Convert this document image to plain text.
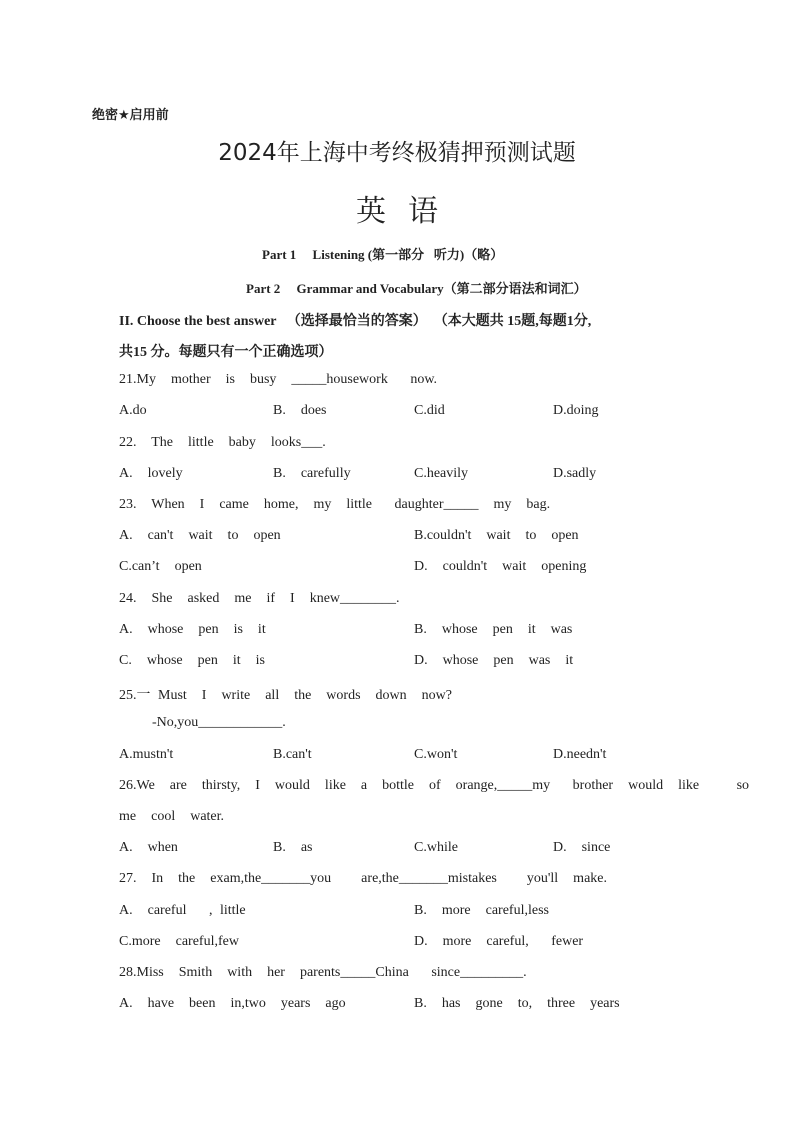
绝密★启用前
2024年上海中考终极猜押预测试题
英语
Part 1     Listening (第一部分   听力)（略）
Part 2     Grammar and Vocabulary（第二部分语法和词汇）
II. Choose the best answer   （选择最恰当的答案）  （本大题共 15题,每题1分,
共15 分。每题只有一个正确选项）
21.My  mother  is  busy  _____housework   now.
A.do	B.  does	C.did	D.doing
22.  The  little  baby  looks___.
A.  lovely	B.  carefully	C.heavily	D.sadly
23.  When  I  came  home,  my  little   daughter_____  my  bag.
A.  can't  wait  to  open	B.couldn't  wait  to  open
C.can’t  open	D.  couldn't  wait  opening
24.  She  asked  me  if  I  knew________.
A.  whose  pen  is  it	B.  whose  pen  it  was
C.  whose  pen  it  is	D.  whose  pen  was  it
25.一 Must  I  write  all  the  words  down  now?
-No,you____________.
A.mustn't	B.can't	C.won't	D.needn't
26.We  are  thirsty,  I  would  like  a  bottle  of  orange,_____my   brother  would  like     so
me  cool  water.
A.  when	B.  as	C.while	D.  since
27.  In  the  exam,the_______you    are,the_______mistakes    you'll  make.
A.  careful   , little	B.  more  careful,less
C.more  careful,few	D.  more  careful,   fewer
28.Miss  Smith  with  her  parents_____China   since_________.
A.  have  been  in,two  years  ago	B.  has  gone  to,  three  years
